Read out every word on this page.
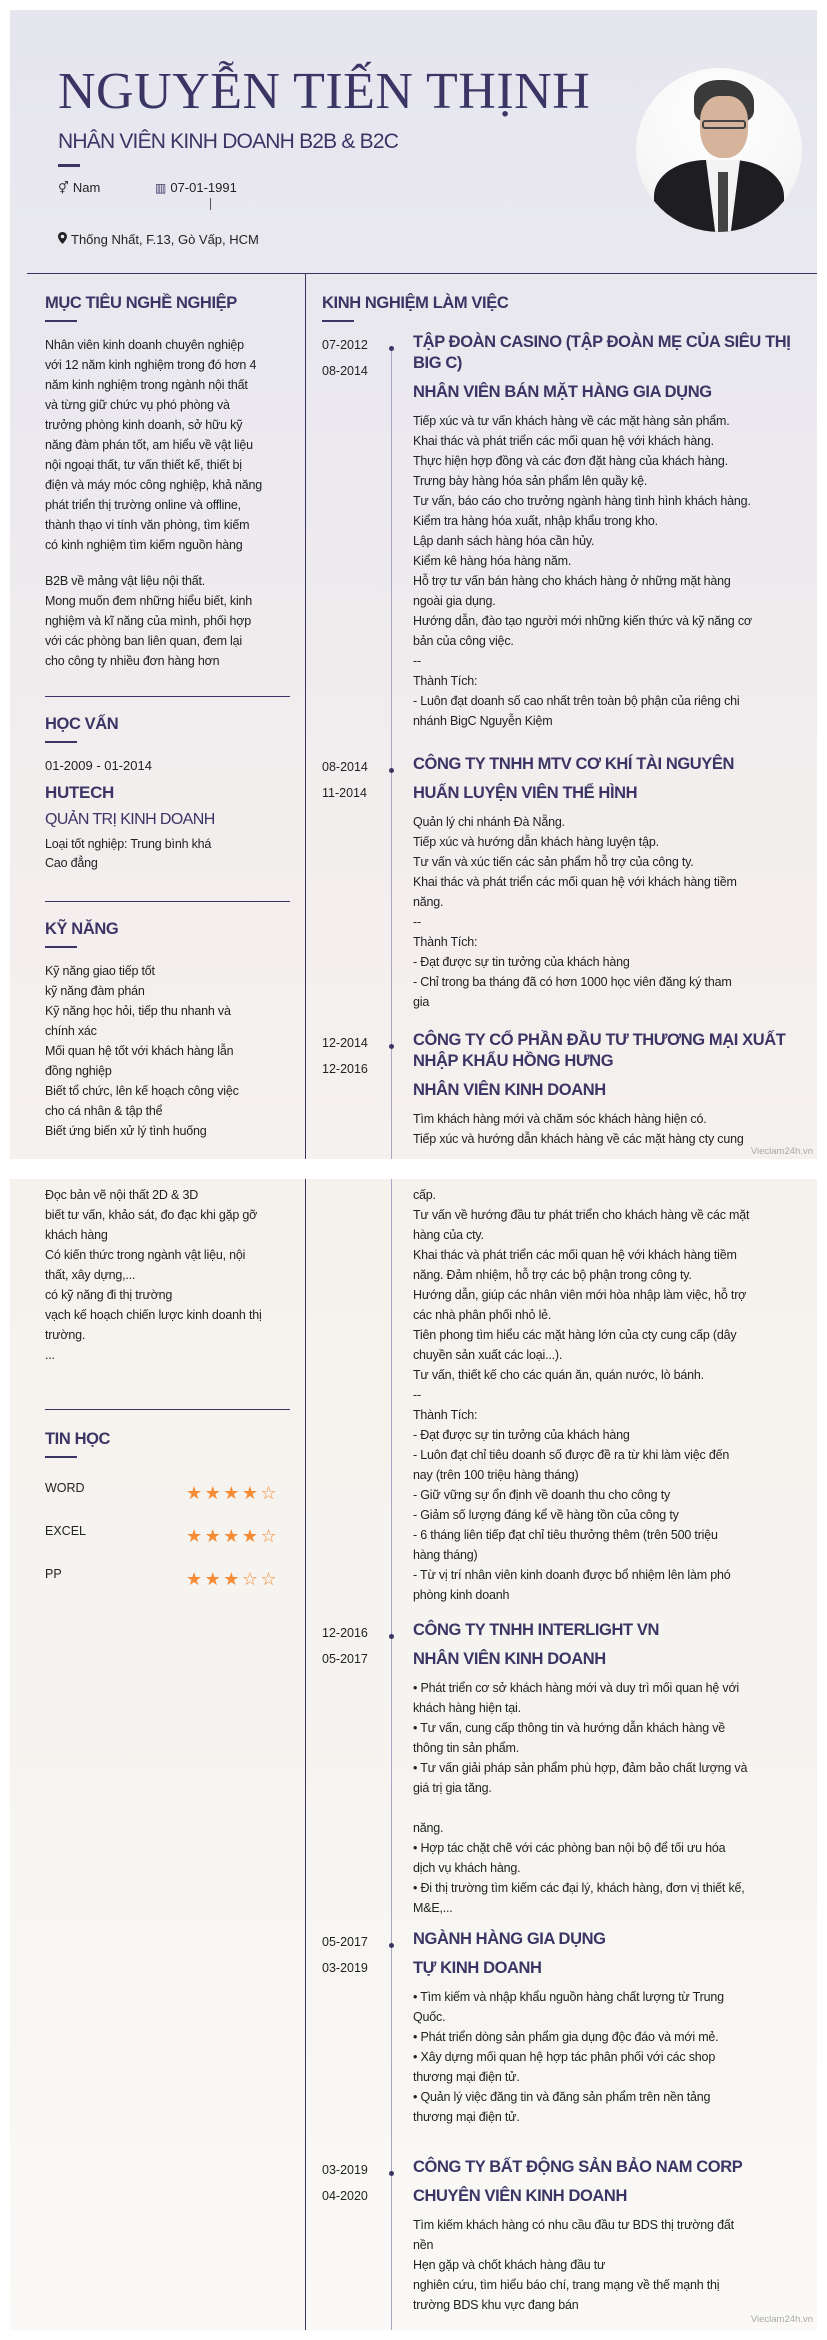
NGUYỄN TIẾN THỊNH
NHÂN VIÊN KINH DOANH B2B & B2C
⚥ Nam	▥ 07-01-1991
Thống Nhất, F.13, Gò Vấp, HCM
MỤC TIÊU NGHỀ NGHIỆP
Nhân viên kinh doanh chuyên nghiệp
với 12 năm kinh nghiệm trong đó hơn 4
năm kinh nghiệm trong ngành nội thất
và từng giữ chức vụ phó phòng và
trưởng phòng kinh doanh, sở hữu kỹ
năng đàm phán tốt, am hiểu về vật liệu
nội ngoại thất, tư vấn thiết kế, thiết bị
điện và máy móc công nghiệp, khả năng
phát triển thị trường online và offline,
thành thạo vi tính văn phòng, tìm kiếm
có kinh nghiệm tìm kiếm nguồn hàng
B2B về mảng vật liệu nội thất.
Mong muốn đem những hiểu biết, kinh
nghiệm và kĩ năng của mình, phối hợp
với các phòng ban liên quan, đem lại
cho công ty nhiều đơn hàng hơn
HỌC VẤN
01-2009 - 01-2014
HUTECH
QUẢN TRỊ KINH DOANH
Loại tốt nghiệp: Trung bình khá
Cao đẳng
KỸ NĂNG
Kỹ năng giao tiếp tốt
kỹ năng đàm phán
Kỹ năng học hỏi, tiếp thu nhanh và
chính xác
Mối quan hệ tốt với khách hàng lẫn
đồng nghiệp
Biết tổ chức, lên kế hoạch công việc
cho cá nhân & tập thể
Biết ứng biến xử lý tình huống
KINH NGHIỆM LÀM VIỆC
07-2012
08-2014
TẬP ĐOÀN CASINO (TẬP ĐOÀN MẸ CỦA SIÊU THỊ BIG C)
NHÂN VIÊN BÁN MẶT HÀNG GIA DỤNG
Tiếp xúc và tư vấn khách hàng về các mặt hàng sản phẩm.
Khai thác và phát triển các mối quan hệ với khách hàng.
Thực hiện hợp đồng và các đơn đặt hàng của khách hàng.
Trưng bày hàng hóa sản phẩm lên quầy kệ.
Tư vấn, báo cáo cho trưởng ngành hàng tình hình khách hàng.
Kiểm tra hàng hóa xuất, nhập khẩu trong kho.
Lập danh sách hàng hóa cần hủy.
Kiểm kê hàng hóa hàng năm.
Hỗ trợ tư vấn bán hàng cho khách hàng ở những mặt hàng
ngoài gia dụng.
Hướng dẫn, đào tạo người mới những kiến thức và kỹ năng cơ
bản của công việc.
--
Thành Tích:
- Luôn đạt doanh số cao nhất trên toàn bộ phận của riêng chi
nhánh BigC Nguyễn Kiệm
08-2014
11-2014
CÔNG TY TNHH MTV CƠ KHÍ TÀI NGUYÊN
HUẤN LUYỆN VIÊN THỂ HÌNH
Quản lý chi nhánh Đà Nẵng.
Tiếp xúc và hướng dẫn khách hàng luyện tập.
Tư vấn và xúc tiến các sản phẩm hỗ trợ của công ty.
Khai thác và phát triển các mối quan hệ với khách hàng tiềm
năng.
--
Thành Tích:
- Đạt được sự tin tưởng của khách hàng
- Chỉ trong ba tháng đã có hơn 1000 học viên đăng ký tham
gia
12-2014
12-2016
CÔNG TY CỔ PHẦN ĐẦU TƯ THƯƠNG MẠI XUẤT NHẬP KHẨU HỒNG HƯNG
NHÂN VIÊN KINH DOANH
Tìm khách hàng mới và chăm sóc khách hàng hiện có.
Tiếp xúc và hướng dẫn khách hàng về các mặt hàng cty cung
Vieclam24h.vn
Đọc bản vẽ nội thất 2D & 3D
biết tư vấn, khảo sát, đo đạc khi gặp gỡ
khách hàng
Có kiến thức trong ngành vật liệu, nội
thất, xây dựng,...
có kỹ năng đi thị trường
vạch kế hoạch chiến lược kinh doanh thị
trường.
...
TIN HỌC
WORD	★★★★☆
EXCEL	★★★★☆
PP	★★★☆☆
cấp.
Tư vấn về hướng đầu tư phát triển cho khách hàng về các mặt
hàng của cty.
Khai thác và phát triển các mối quan hệ với khách hàng tiềm
năng. Đảm nhiệm, hỗ trợ các bộ phận trong công ty.
Hướng dẫn, giúp các nhân viên mới hòa nhập làm việc, hỗ trợ
các nhà phân phối nhỏ lẻ.
Tiên phong tìm hiểu các mặt hàng lớn của cty cung cấp (dây
chuyền sản xuất các loại...).
Tư vấn, thiết kế cho các quán ăn, quán nước, lò bánh.
--
Thành Tích:
- Đạt được sự tin tưởng của khách hàng
- Luôn đạt chỉ tiêu doanh số được đề ra từ khi làm việc đến
nay (trên 100 triệu hàng tháng)
- Giữ vững sự ổn định về doanh thu cho công ty
- Giảm số lượng đáng kể về hàng tồn của công ty
- 6 tháng liên tiếp đạt chỉ tiêu thưởng thêm (trên 500 triệu
hàng tháng)
- Từ vị trí nhân viên kinh doanh được bổ nhiệm lên làm phó
phòng kinh doanh
12-2016
05-2017
CÔNG TY TNHH INTERLIGHT VN
NHÂN VIÊN KINH DOANH
• Phát triển cơ sở khách hàng mới và duy trì mối quan hệ với
khách hàng hiện tại.
• Tư vấn, cung cấp thông tin và hướng dẫn khách hàng về
thông tin sản phẩm.
• Tư vấn giải pháp sản phẩm phù hợp, đảm bảo chất lượng và
giá trị gia tăng.
năng.
• Hợp tác chặt chẽ với các phòng ban nội bộ để tối ưu hóa
dịch vụ khách hàng.
• Đi thị trường tìm kiếm các đại lý, khách hàng, đơn vị thiết kế,
M&E,...
05-2017
03-2019
NGÀNH HÀNG GIA DỤNG
TỰ KINH DOANH
• Tìm kiếm và nhập khẩu nguồn hàng chất lượng từ Trung
Quốc.
• Phát triển dòng sản phẩm gia dụng độc đáo và mới mẻ.
• Xây dựng mối quan hệ hợp tác phân phối với các shop
thương mại điện tử.
• Quản lý việc đăng tin và đăng sản phẩm trên nền tảng
thương mại điện tử.
03-2019
04-2020
CÔNG TY BẤT ĐỘNG SẢN BẢO NAM CORP
CHUYÊN VIÊN KINH DOANH
Tìm kiếm khách hàng có nhu cầu đầu tư BDS thị trường đất
nền
Hẹn gặp và chốt khách hàng đầu tư
nghiên cứu, tìm hiểu báo chí, trang mạng về thế mạnh thị
trường BDS khu vực đang bán
Vieclam24h.vn
